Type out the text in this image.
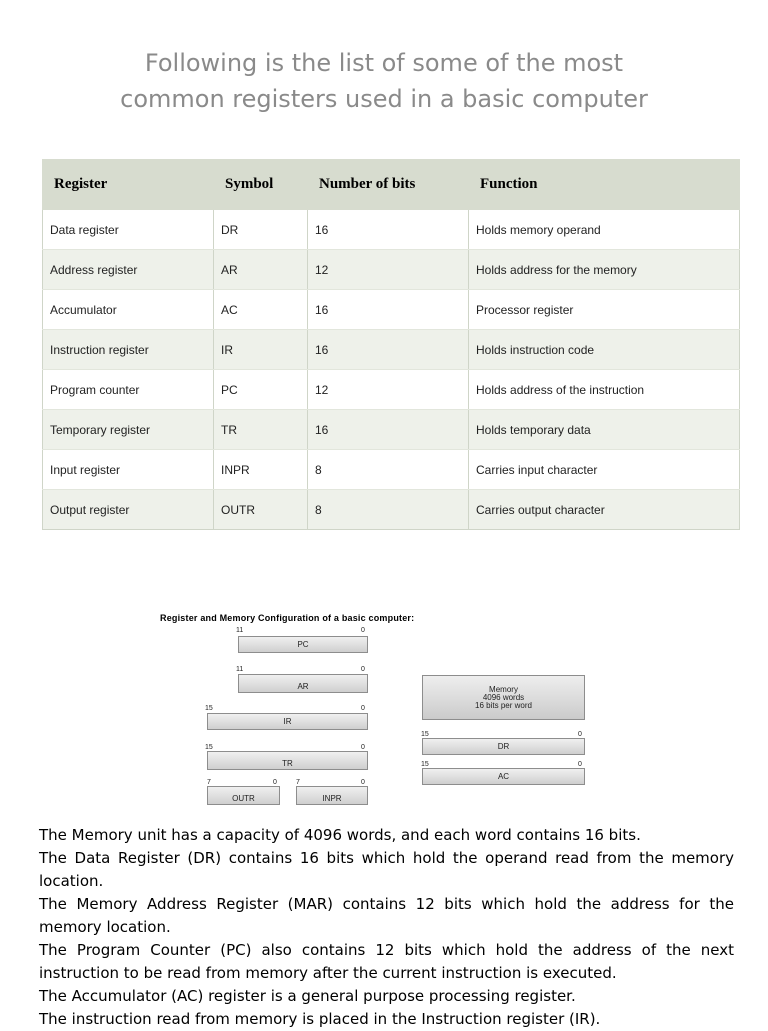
Following is the list of some of the most
common registers used in a basic computer
Register	Symbol	Number of bits	Function
Data register	DR	16	Holds memory operand
Address register	AR	12	Holds address for the memory
Accumulator	AC	16	Processor register
Instruction register	IR	16	Holds instruction code
Program counter	PC	12	Holds address of the instruction
Temporary register	TR	16	Holds temporary data
Input register	INPR	8	Carries input character
Output register	OUTR	8	Carries output character
Register and Memory Configuration of a basic computer:
11	0
PC
11	0
AR
15	0
IR
15	0
TR
7	0
OUTR
7	0
INPR
Memory
4096 words
16 bits per word
15	0
DR
15	0
AC

The Memory unit has a capacity of 4096 words, and each word contains 16 bits.

The Data Register (DR) contains 16 bits which hold the operand read from the memory location.

The Memory Address Register (MAR) contains 12 bits which hold the address for the memory location.

The Program Counter (PC) also contains 12 bits which hold the address of the next instruction to be read from memory after the current instruction is executed.

The Accumulator (AC) register is a general purpose processing register.

The instruction read from memory is placed in the Instruction register (IR).
